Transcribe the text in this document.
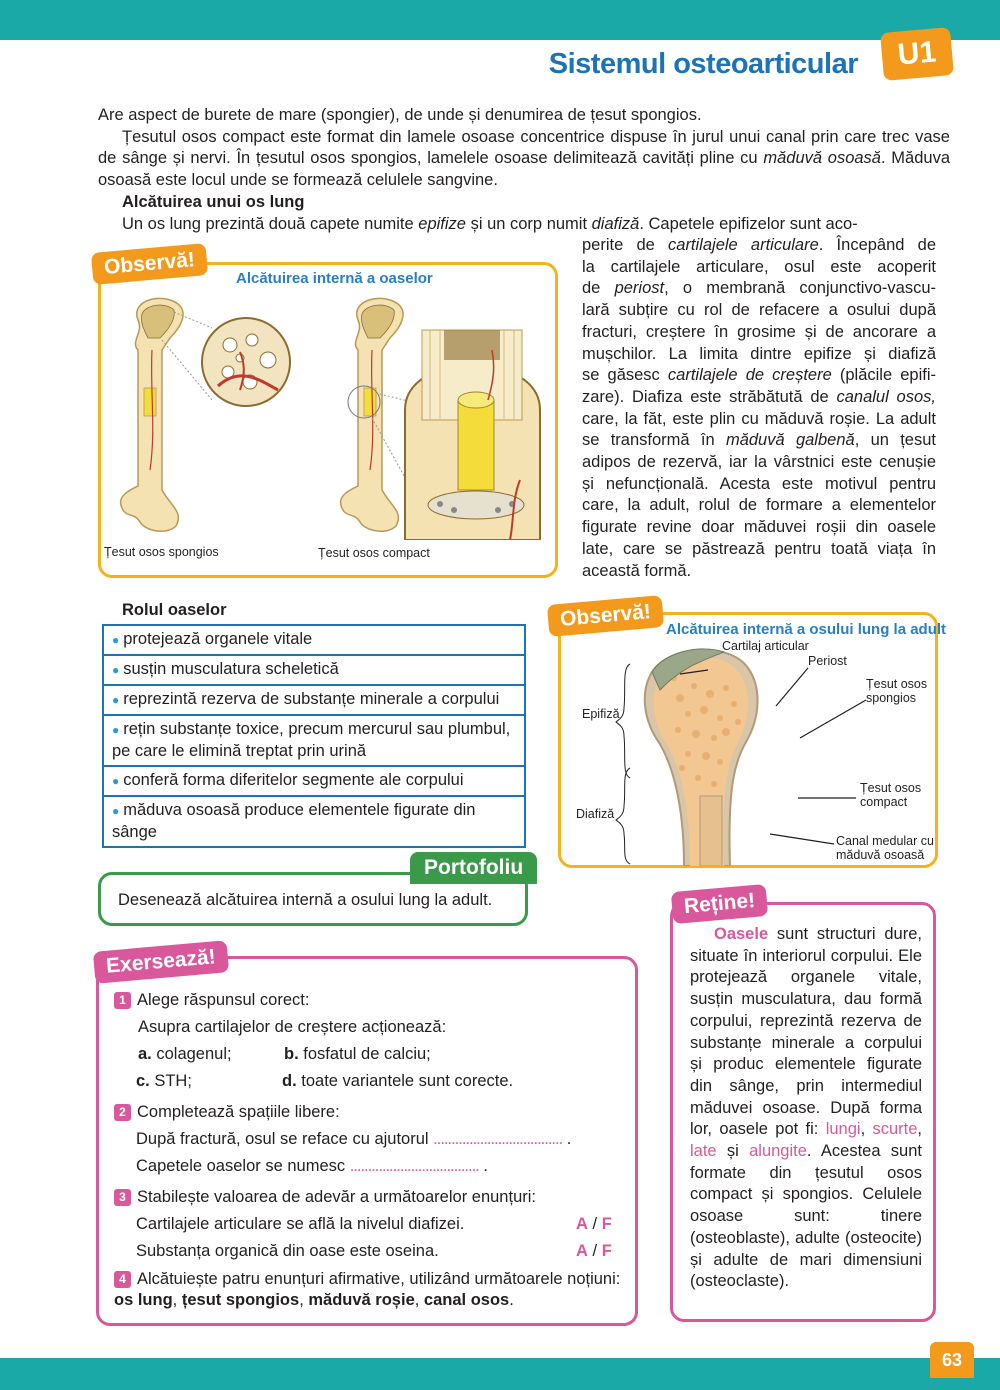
Sistemul osteoarticular	U1
Are aspect de burete de mare (spongier), de unde și denumirea de țesut spongios.
Țesutul osos compact este format din lamele osoase concentrice dispuse în jurul unui canal prin care trec vase de sânge și nervi. În țesutul osos spongios, lamelele osoase delimitează cavități pline cu măduvă osoasă. Măduva osoasă este locul unde se formează celulele sangvine.
Alcătuirea unui os lung
Un os lung prezintă două capete numite epifize și un corp numit diafiză. Capetele epifizelor sunt aco-
perite de cartilajele articulare. Începând de
la cartilajele articulare, osul este acoperit
de periost, o membrană conjunctivo-vascu-
lară subțire cu rol de refacere a osului după
fracturi, creștere în grosime și de ancorare a
mușchilor. La limita dintre epifize și diafiză
se găsesc cartilajele de creștere (plăcile epifi-
zare). Diafiza este străbătută de canalul osos,
care, la făt, este plin cu măduvă roșie. La adult
se transformă în măduvă galbenă, un țesut
adipos de rezervă, iar la vârstnici este cenușie
și nefuncțională. Acesta este motivul pentru
care, la adult, rolul de formare a elementelor
figurate revine doar măduvei roșii din oasele
late, care se păstrează pentru toată viața în
această formă.
Observă!	Alcătuirea internă a oaselor
Țesut osos spongios	Țesut osos compact
Rolul oaselor
● protejează organele vitale
● susțin musculatura scheletică
● reprezintă rezerva de substanțe minerale a corpului
● rețin substanțe toxice, precum mercurul sau plumbul, pe care le elimină treptat prin urină
● conferă forma diferitelor segmente ale corpului
● măduva osoasă produce elementele figurate din sânge
Observă! Alcătuirea internă a osului lung la adult
Cartilaj articular
Periost
Țesut osos
spongios
Epifiză
Diafiză
Țesut osos
compact
Canal medular cu
măduvă osoasă
Portofoliu
Desenează alcătuirea internă a osului lung la adult.
Exersează!
1 Alege răspunsul corect:
Asupra cartilajelor de creștere acționează:
a. colagenul;	b. fosfatul de calciu;
c. STH;	d. toate variantele sunt corecte.
2 Completează spațiile libere:
După fractură, osul se reface cu ajutorul .................................... .
Capetele oaselor se numesc .................................... .
3 Stabilește valoarea de adevăr a următoarelor enunțuri:
Cartilajele articulare se află la nivelul diafizei.	A / F
Substanța organică din oase este oseina.	A / F
4 Alcătuiește patru enunțuri afirmative, utilizând următoarele noțiuni: os lung, țesut spongios, măduvă roșie, canal osos.
Reține!
Oasele sunt structuri dure, situate în interiorul corpului. Ele protejează organele vitale, susțin musculatura, dau formă corpului, reprezintă rezerva de substanțe minerale a corpului și produc elementele figurate din sânge, prin intermediul măduvei osoase. După forma lor, oasele pot fi: lungi, scurte, late și alungite. Acestea sunt formate din țesutul osos compact și spongios. Celulele osoase sunt: tinere (osteoblaste), adulte (osteocite) și adulte de mari dimensiuni (osteoclaste).
63
